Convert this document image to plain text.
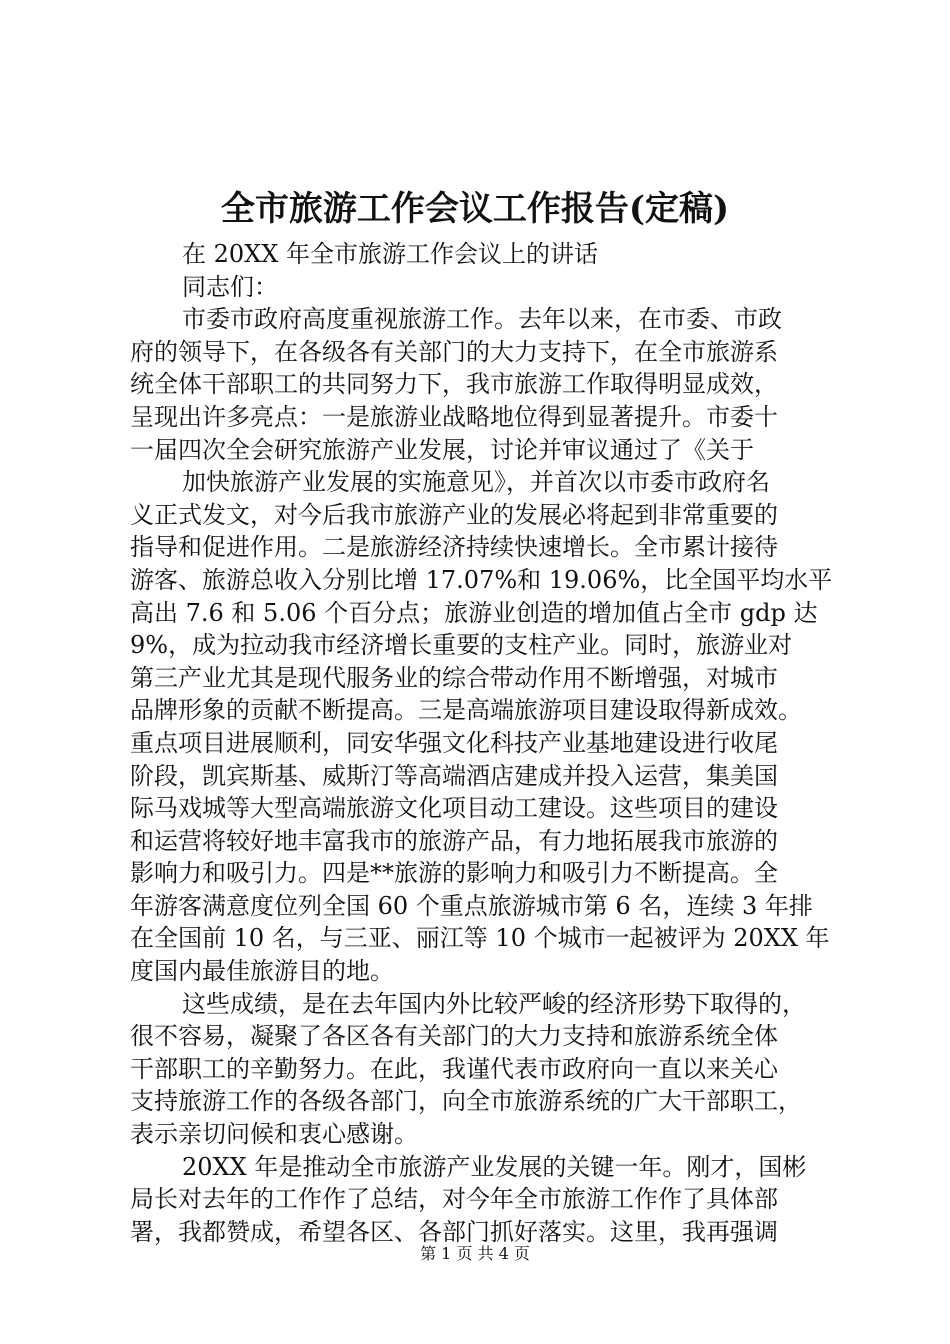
全市旅游工作会议工作报告(定稿)
在 20XX 年全市旅游工作会议上的讲话
同志们：
市委市政府高度重视旅游工作。去年以来，在市委、市政
府的领导下，在各级各有关部门的大力支持下，在全市旅游系
统全体干部职工的共同努力下，我市旅游工作取得明显成效，
呈现出许多亮点：一是旅游业战略地位得到显著提升。市委十
一届四次全会研究旅游产业发展，讨论并审议通过了《关于
加快旅游产业发展的实施意见》，并首次以市委市政府名
义正式发文，对今后我市旅游产业的发展必将起到非常重要的
指导和促进作用。二是旅游经济持续快速增长。全市累计接待
游客、旅游总收入分别比增 17.07%和 19.06%，比全国平均水平
高出 7.6 和 5.06 个百分点；旅游业创造的增加值占全市 gdp 达
9%，成为拉动我市经济增长重要的支柱产业。同时，旅游业对
第三产业尤其是现代服务业的综合带动作用不断增强，对城市
品牌形象的贡献不断提高。三是高端旅游项目建设取得新成效。
重点项目进展顺利，同安华强文化科技产业基地建设进行收尾
阶段，凯宾斯基、威斯汀等高端酒店建成并投入运营，集美国
际马戏城等大型高端旅游文化项目动工建设。这些项目的建设
和运营将较好地丰富我市的旅游产品，有力地拓展我市旅游的
影响力和吸引力。四是**旅游的影响力和吸引力不断提高。全
年游客满意度位列全国 60 个重点旅游城市第 6 名，连续 3 年排
在全国前 10 名，与三亚、丽江等 10 个城市一起被评为 20XX 年
度国内最佳旅游目的地。
这些成绩，是在去年国内外比较严峻的经济形势下取得的，
很不容易，凝聚了各区各有关部门的大力支持和旅游系统全体
干部职工的辛勤努力。在此，我谨代表市政府向一直以来关心
支持旅游工作的各级各部门，向全市旅游系统的广大干部职工，
表示亲切问候和衷心感谢。
20XX 年是推动全市旅游产业发展的关键一年。刚才，国彬
局长对去年的工作作了总结，对今年全市旅游工作作了具体部
署，我都赞成，希望各区、各部门抓好落实。这里，我再强调
第 1 页 共 4 页
